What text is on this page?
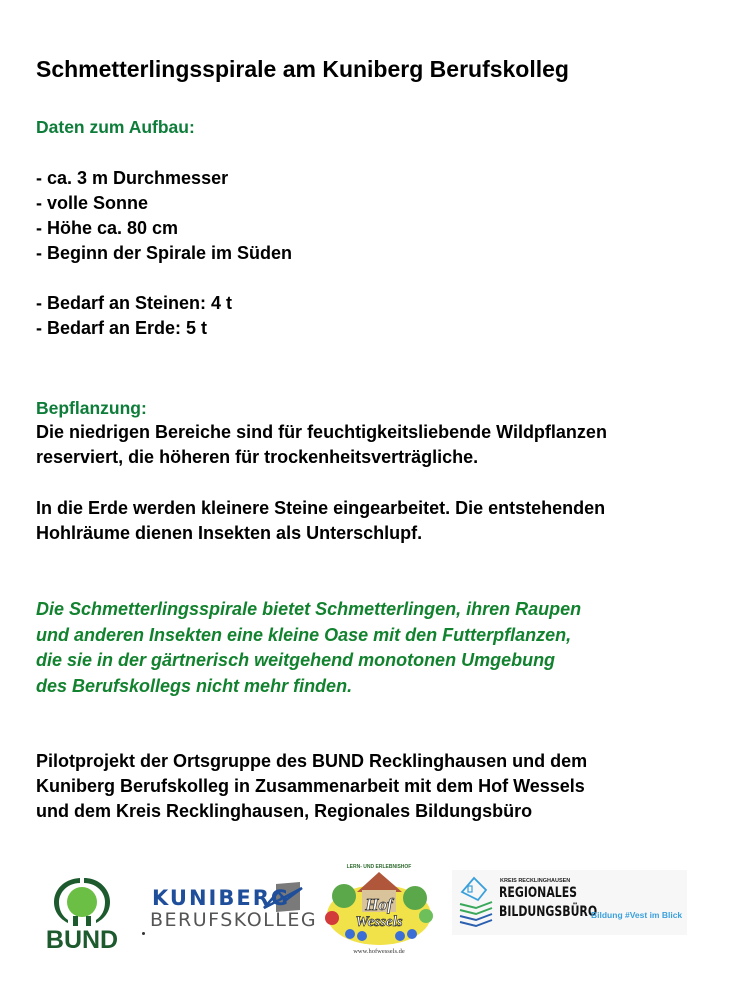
Schmetterlingsspirale am Kuniberg Berufskolleg
Daten zum Aufbau:
- ca. 3 m Durchmesser
- volle Sonne
- Höhe ca. 80 cm
- Beginn der Spirale im Süden
- Bedarf an Steinen: 4 t
- Bedarf an Erde: 5 t
Bepflanzung:
Die niedrigen Bereiche sind für feuchtigkeitsliebende Wildpflanzen
reserviert, die höheren für trockenheitsverträgliche.
In die Erde werden kleinere Steine eingearbeitet. Die entstehenden
Hohlräume dienen Insekten als Unterschlupf.
Die Schmetterlingsspirale bietet Schmetterlingen, ihren Raupen
und anderen Insekten eine kleine Oase mit den Futterpflanzen,
die sie in der gärtnerisch weitgehend monotonen Umgebung
des Berufskollegs nicht mehr finden.
Pilotprojekt der Ortsgruppe des BUND Recklinghausen und dem
Kuniberg Berufskolleg in Zusammenarbeit mit dem Hof Wessels
und dem Kreis Recklinghausen, Regionales Bildungsbüro
BUND
KUNIBERG
BERUFSKOLLEG
LERN- UND ERLEBNISHOF
Hof
Wessels
www.hofwessels.de
KREIS RECKLINGHAUSEN
REGIONALES
BILDUNGSBÜRO
Bildung #Vest im Blick
